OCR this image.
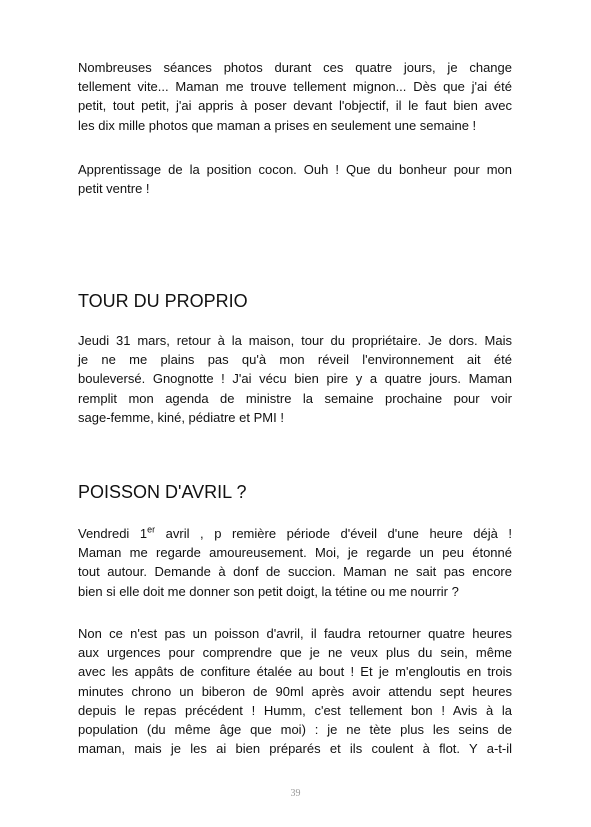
Nombreuses séances photos durant ces quatre jours, je change
tellement vite... Maman me trouve tellement mignon... Dès que j'ai été
petit, tout petit, j'ai appris à poser devant l'objectif, il le faut bien avec
les dix mille photos que maman a prises en seulement une semaine !
Apprentissage de la position cocon. Ouh ! Que du bonheur pour mon
petit ventre !
TOUR DU PROPRIO
Jeudi 31 mars, retour à la maison, tour du propriétaire. Je dors. Mais
je ne me plains pas qu'à mon réveil l'environnement ait été
bouleversé. Gnognotte ! J'ai vécu bien pire y a quatre jours. Maman
remplit mon agenda de ministre la semaine prochaine pour voir
sage-femme, kiné, pédiatre et PMI !
POISSON D'AVRIL ?
Vendredi 1er avril , p remière période d'éveil d'une heure déjà !
Maman me regarde amoureusement. Moi, je regarde un peu étonné
tout autour. Demande à donf de succion. Maman ne sait pas encore
bien si elle doit me donner son petit doigt, la tétine ou me nourrir ?
Non ce n'est pas un poisson d'avril, il faudra retourner quatre heures
aux urgences pour comprendre que je ne veux plus du sein, même
avec les appâts de confiture étalée au bout ! Et je m'engloutis en trois
minutes chrono un biberon de 90ml après avoir attendu sept heures
depuis le repas précédent ! Humm, c'est tellement bon ! Avis à la
population (du même âge que moi) : je ne tète plus les seins de
maman, mais je les ai bien préparés et ils coulent à flot. Y a-t-il
39
